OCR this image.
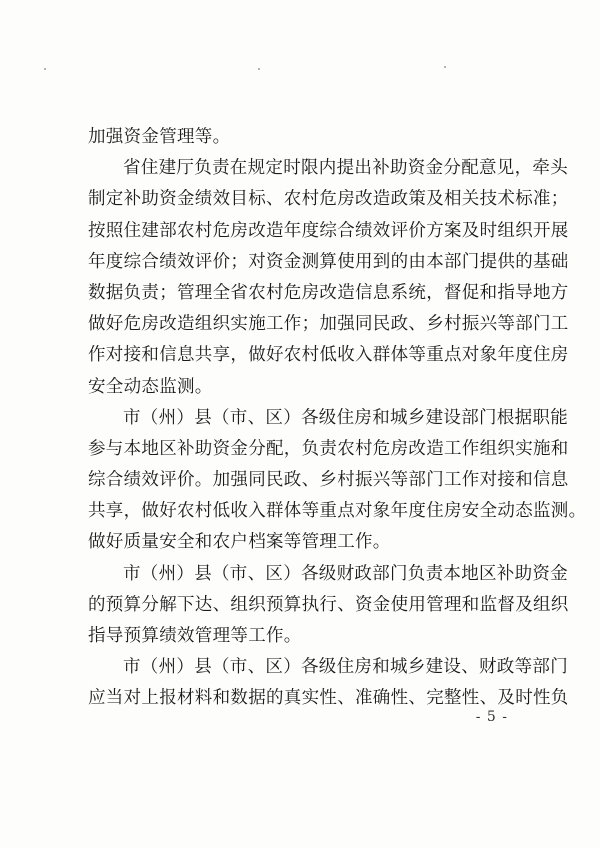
加强资金管理等。
省住建厅负责在规定时限内提出补助资金分配意见，牵头
制定补助资金绩效目标、农村危房改造政策及相关技术标准；
按照住建部农村危房改造年度综合绩效评价方案及时组织开展
年度综合绩效评价；对资金测算使用到的由本部门提供的基础
数据负责；管理全省农村危房改造信息系统，督促和指导地方
做好危房改造组织实施工作；加强同民政、乡村振兴等部门工
作对接和信息共享，做好农村低收入群体等重点对象年度住房
安全动态监测。
市（州）县（市、区）各级住房和城乡建设部门根据职能
参与本地区补助资金分配，负责农村危房改造工作组织实施和
综合绩效评价。加强同民政、乡村振兴等部门工作对接和信息
共享，做好农村低收入群体等重点对象年度住房安全动态监测。
做好质量安全和农户档案等管理工作。
市（州）县（市、区）各级财政部门负责本地区补助资金
的预算分解下达、组织预算执行、资金使用管理和监督及组织
指导预算绩效管理等工作。
市（州）县（市、区）各级住房和城乡建设、财政等部门
应当对上报材料和数据的真实性、准确性、完整性、及时性负
- 5 -
